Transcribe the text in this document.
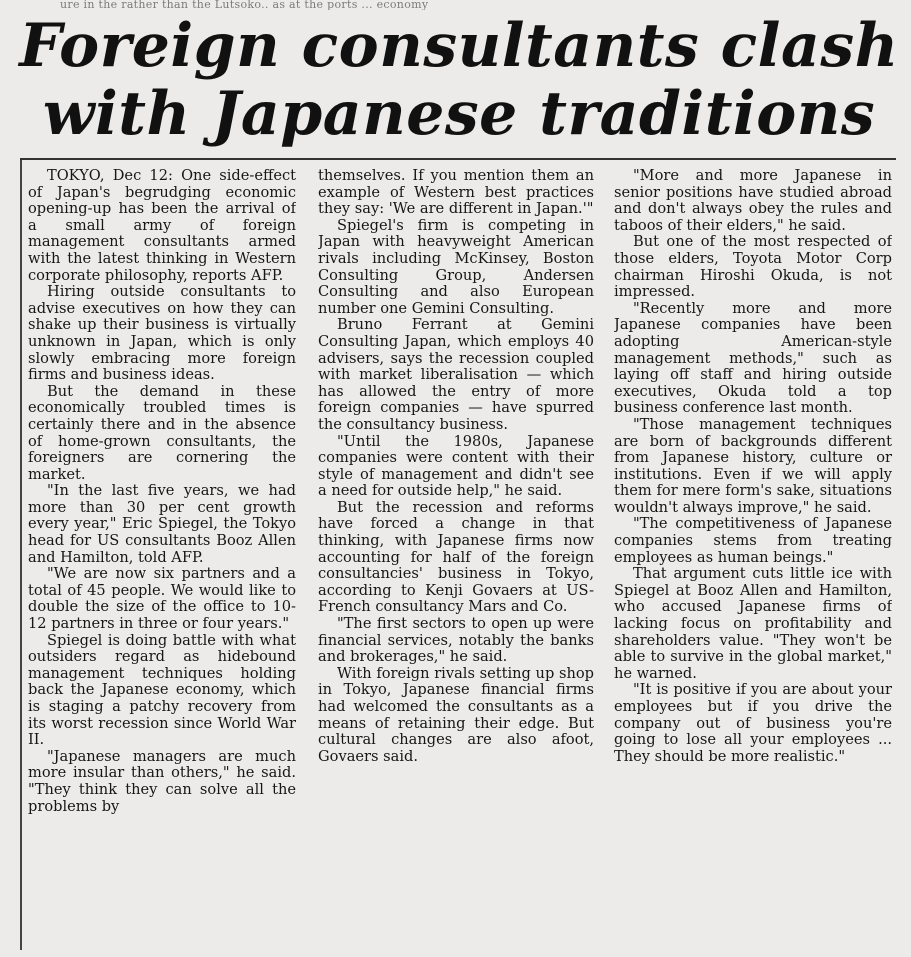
ure in the rather than the Lutsoko.. as at the ports ... economy
Foreign consultants clash
with Japanese traditions

TOKYO, Dec 12: One side-effect of Japan's begrudging economic opening-up has been the arrival of a small army of foreign management consultants armed with the latest thinking in Western corporate philosophy, reports AFP.

Hiring outside consultants to advise executives on how they can shake up their business is virtually unknown in Japan, which is only slowly embracing more foreign firms and business ideas.

But the demand in these economically troubled times is certainly there and in the absence of home-grown consultants, the foreigners are cornering the market.

"In the last five years, we had more than 30 per cent growth every year," Eric Spiegel, the Tokyo head for US consultants Booz Allen and Hamilton, told AFP.

"We are now six partners and a total of 45 people. We would like to double the size of the office to 10-12 partners in three or four years."

Spiegel is doing battle with what outsiders regard as hidebound management techniques holding back the Japanese economy, which is staging a patchy recovery from its worst recession since World War II.

"Japanese managers are much more insular than others," he said. "They think they can solve all the problems by

themselves. If you mention them an example of Western best practices they say: 'We are different in Japan.'"

Spiegel's firm is competing in Japan with heavyweight American rivals including McKinsey, Boston Consulting Group, Andersen Consulting and also European number one Gemini Consulting.

Bruno Ferrant at Gemini Consulting Japan, which employs 40 advisers, says the recession coupled with market liberalisation — which has allowed the entry of more foreign companies — have spurred the consultancy business.

"Until the 1980s, Japanese companies were content with their style of management and didn't see a need for outside help," he said.

But the recession and reforms have forced a change in that thinking, with Japanese firms now accounting for half of the foreign consultancies' business in Tokyo, according to Kenji Govaers at US-French consultancy Mars and Co.

"The first sectors to open up were financial services, notably the banks and brokerages," he said.

With foreign rivals setting up shop in Tokyo, Japanese financial firms had welcomed the consultants as a means of retaining their edge. But cultural changes are also afoot, Govaers said.

"More and more Japanese in senior positions have studied abroad and don't always obey the rules and taboos of their elders," he said.

But one of the most respected of those elders, Toyota Motor Corp chairman Hiroshi Okuda, is not impressed.

"Recently more and more Japanese companies have been adopting American-style management methods," such as laying off staff and hiring outside executives, Okuda told a top business conference last month.

"Those management techniques are born of backgrounds different from Japanese history, culture or institutions. Even if we will apply them for mere form's sake, situations wouldn't always improve," he said.

"The competitiveness of Japanese companies stems from treating employees as human beings."

That argument cuts little ice with Spiegel at Booz Allen and Hamilton, who accused Japanese firms of lacking focus on profitability and shareholders value. "They won't be able to survive in the global market," he warned.

"It is positive if you are about your employees but if you drive the company out of business you're going to lose all your employees ... They should be more realistic."
